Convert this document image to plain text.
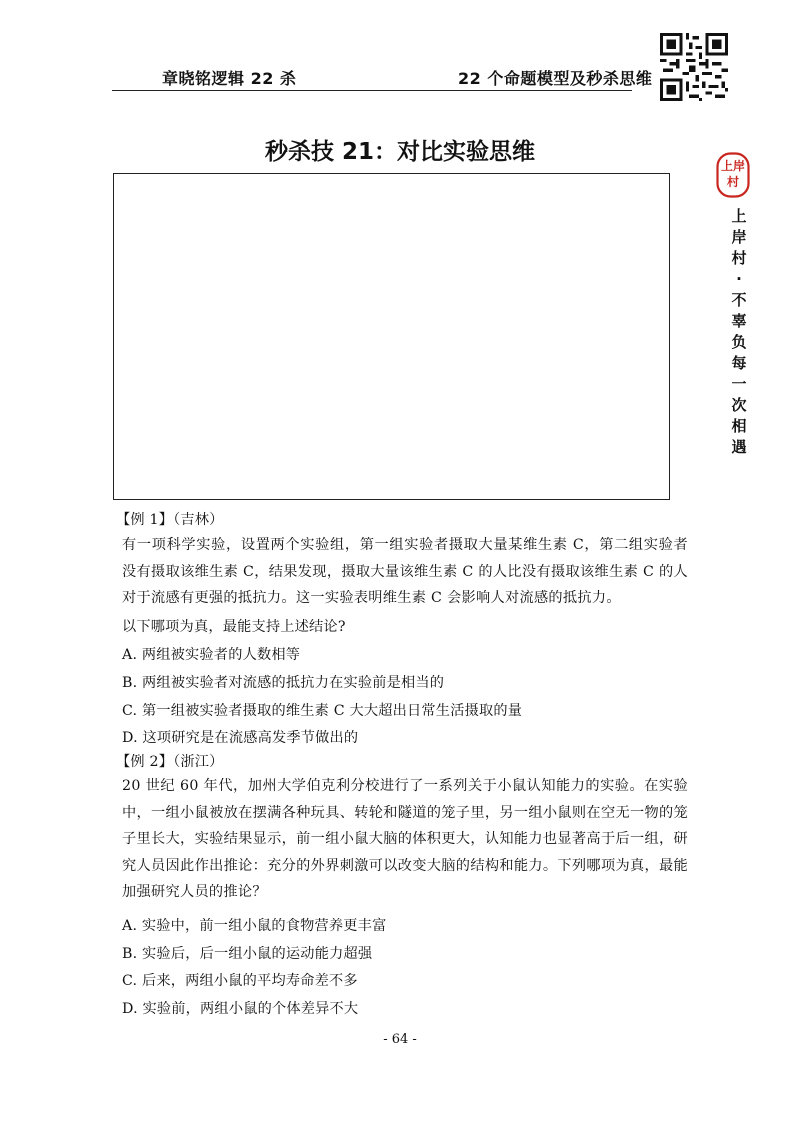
章晓铭逻辑 22 杀	22 个命题模型及秒杀思维
秒杀技 21：对比实验思维
上岸
村
上
岸
村
·
不
辜
负
每
一
次
相
遇
【例 1】（吉林）
有一项科学实验，设置两个实验组，第一组实验者摄取大量某维生素 C，第二组实验者没有摄取该维生素 C，结果发现，摄取大量该维生素 C 的人比没有摄取该维生素 C 的人对于流感有更强的抵抗力。这一实验表明维生素 C 会影响人对流感的抵抗力。
以下哪项为真，最能支持上述结论?
A. 两组被实验者的人数相等
B. 两组被实验者对流感的抵抗力在实验前是相当的
C. 第一组被实验者摄取的维生素 C 大大超出日常生活摄取的量
D. 这项研究是在流感高发季节做出的
【例 2】（浙江）
20 世纪 60 年代，加州大学伯克利分校进行了一系列关于小鼠认知能力的实验。在实验中，一组小鼠被放在摆满各种玩具、转轮和隧道的笼子里，另一组小鼠则在空无一物的笼子里长大，实验结果显示，前一组小鼠大脑的体积更大，认知能力也显著高于后一组，研究人员因此作出推论：充分的外界刺激可以改变大脑的结构和能力。下列哪项为真，最能加强研究人员的推论？
A. 实验中，前一组小鼠的食物营养更丰富
B. 实验后，后一组小鼠的运动能力超强
C. 后来，两组小鼠的平均寿命差不多
D. 实验前，两组小鼠的个体差异不大
- 64 -
